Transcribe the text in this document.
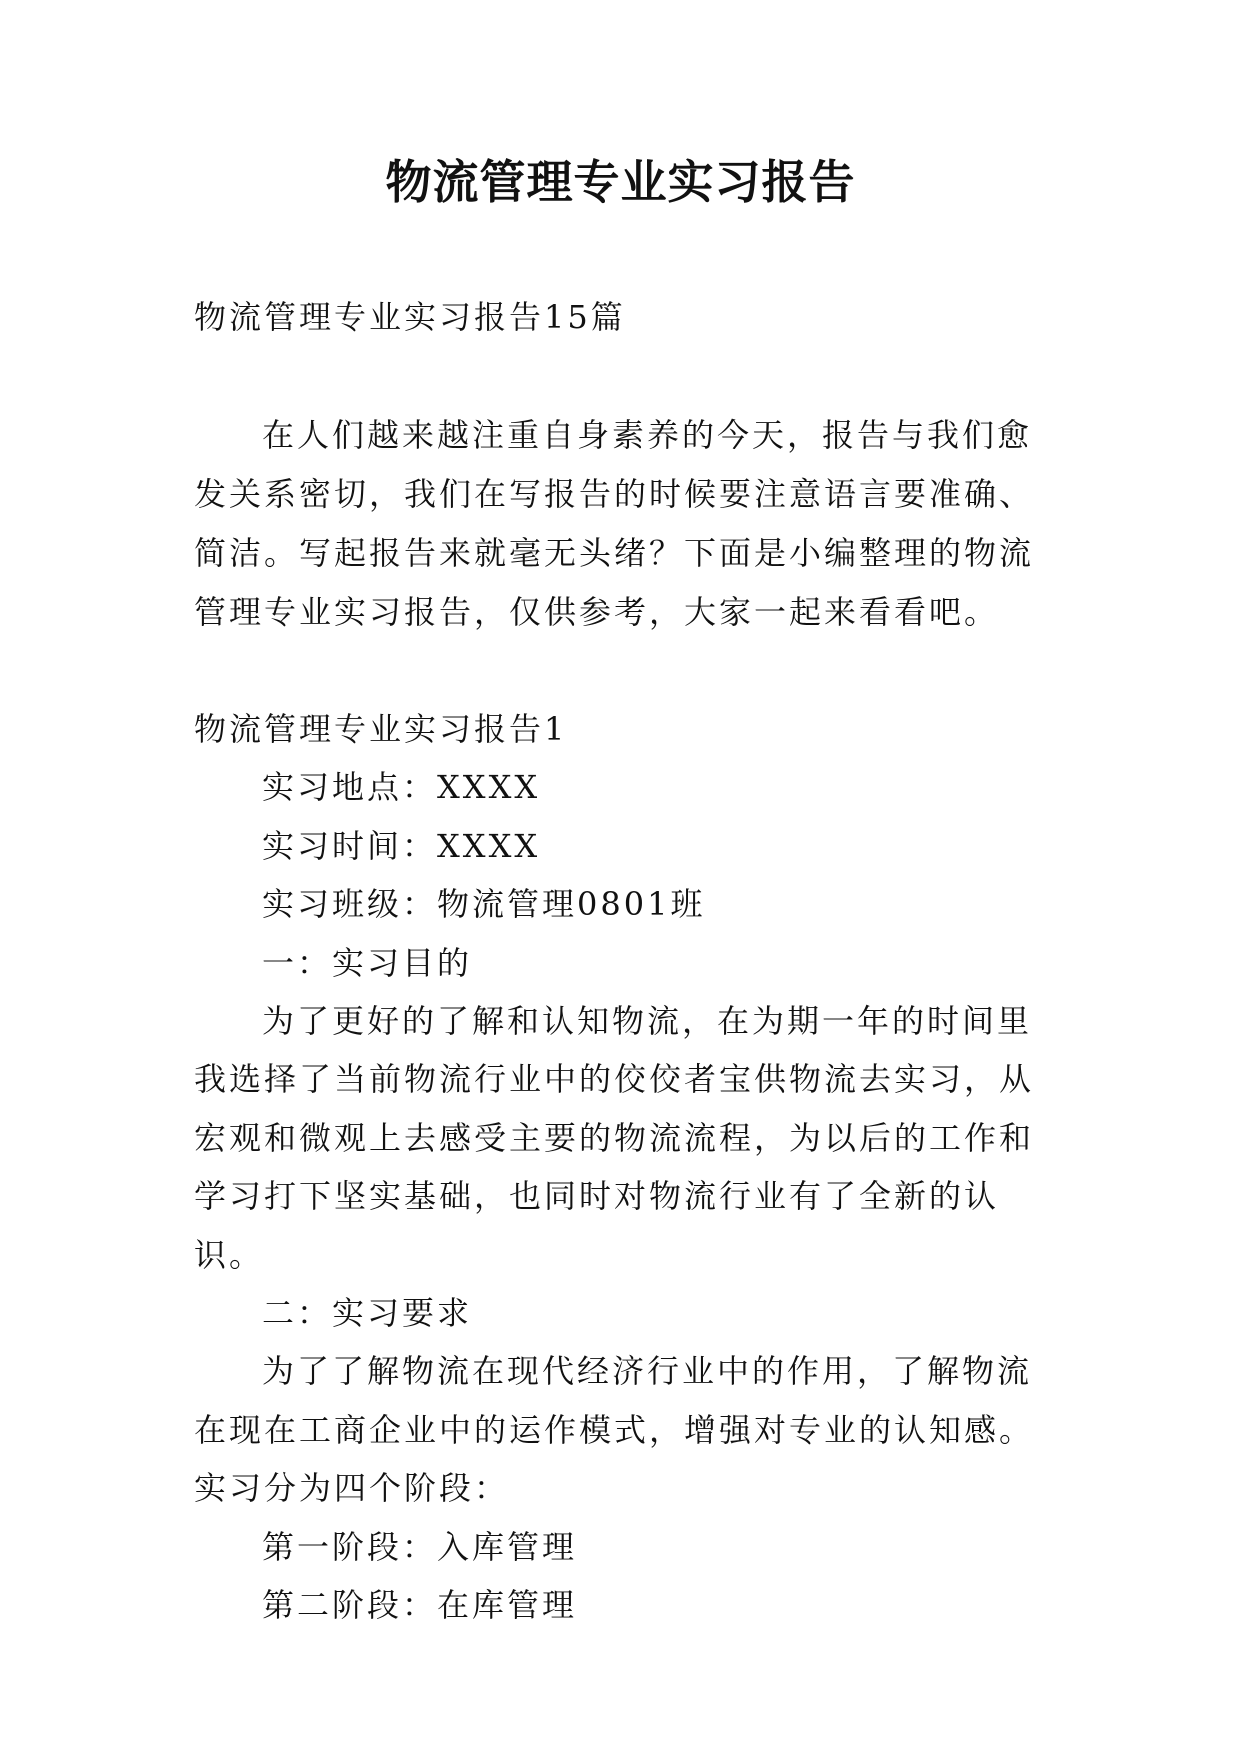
物流管理专业实习报告

物流管理专业实习报告15篇

在人们越来越注重自身素养的今天，报告与我们愈发关系密切，我们在写报告的时候要注意语言要准确、简洁。写起报告来就毫无头绪？下面是小编整理的物流管理专业实习报告，仅供参考，大家一起来看看吧。

物流管理专业实习报告1

实习地点：XXXX

实习时间：XXXX

实习班级：物流管理0801班

一：实习目的

为了更好的了解和认知物流，在为期一年的时间里我选择了当前物流行业中的佼佼者宝供物流去实习，从宏观和微观上去感受主要的物流流程，为以后的工作和学习打下坚实基础，也同时对物流行业有了全新的认识。

二：实习要求

为了了解物流在现代经济行业中的作用，了解物流在现在工商企业中的运作模式，增强对专业的认知感。实习分为四个阶段：

第一阶段：入库管理

第二阶段：在库管理
